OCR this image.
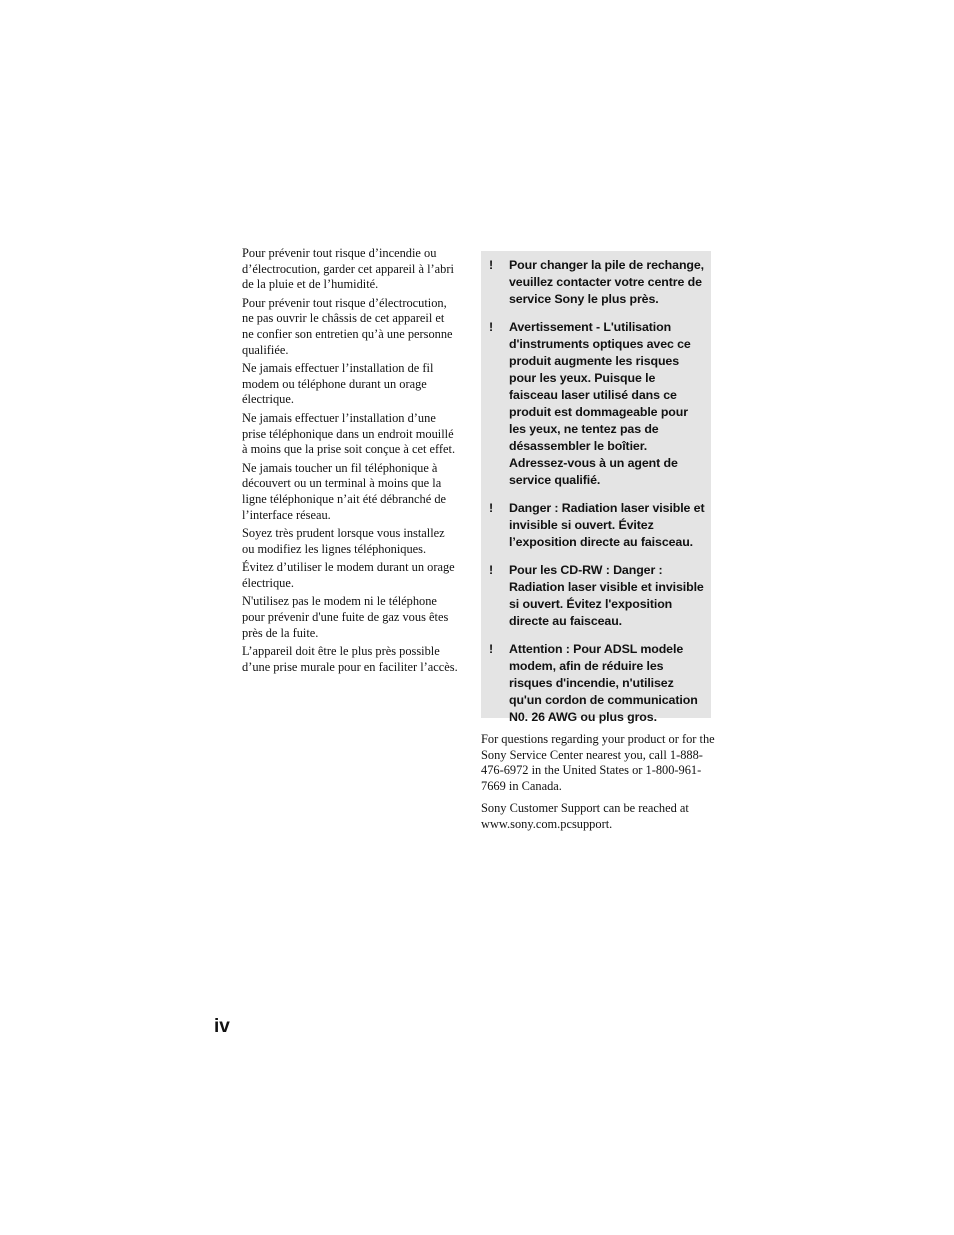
Pour prévenir tout risque d’incendie ou d’électrocution, garder cet appareil à l’abri de la pluie et de l’humidité.

Pour prévenir tout risque d’électrocution, ne pas ouvrir le châssis de cet appareil et ne confier son entretien qu’à une personne qualifiée.

Ne jamais effectuer l’installation de fil modem ou téléphone durant un orage électrique.

Ne jamais effectuer l’installation d’une prise téléphonique dans un endroit mouillé à moins que la prise soit conçue à cet effet.

Ne jamais toucher un fil téléphonique à découvert ou un terminal à moins que la ligne téléphonique n’ait été débranché de l’interface réseau.

Soyez très prudent lorsque vous installez ou modifiez les lignes téléphoniques.

Évitez d’utiliser le modem durant un orage électrique.

N'utilisez pas le modem ni le téléphone pour prévenir d'une fuite de gaz vous êtes près de la fuite.

L’appareil doit être le plus près possible d’une prise murale pour en faciliter l’accès.

!	Pour changer la pile de rechange, veuillez contacter votre centre de service Sony le plus près.
!	Avertissement - L'utilisation d'instruments optiques avec ce produit augmente les risques pour les yeux. Puisque le faisceau laser utilisé dans ce produit est dommageable pour les yeux, ne tentez pas de désassembler le boîtier. Adressez-vous à un agent de service qualifié.
!	Danger : Radiation laser visible et invisible si ouvert. Évitez l’exposition directe au faisceau.
!	Pour les CD-RW : Danger : Radiation laser visible et invisible si ouvert. Évitez l'exposition directe au faisceau.
!	Attention : Pour ADSL modele modem, afin de réduire les risques d'incendie, n'utilisez qu'un cordon de communication N0. 26 AWG ou plus gros.

For questions regarding your product or for the Sony Service Center nearest you, call 1-888-476-6972 in the United States or 1-800-961-7669 in Canada.

Sony Customer Support can be reached at www.sony.com.pcsupport.

iv
